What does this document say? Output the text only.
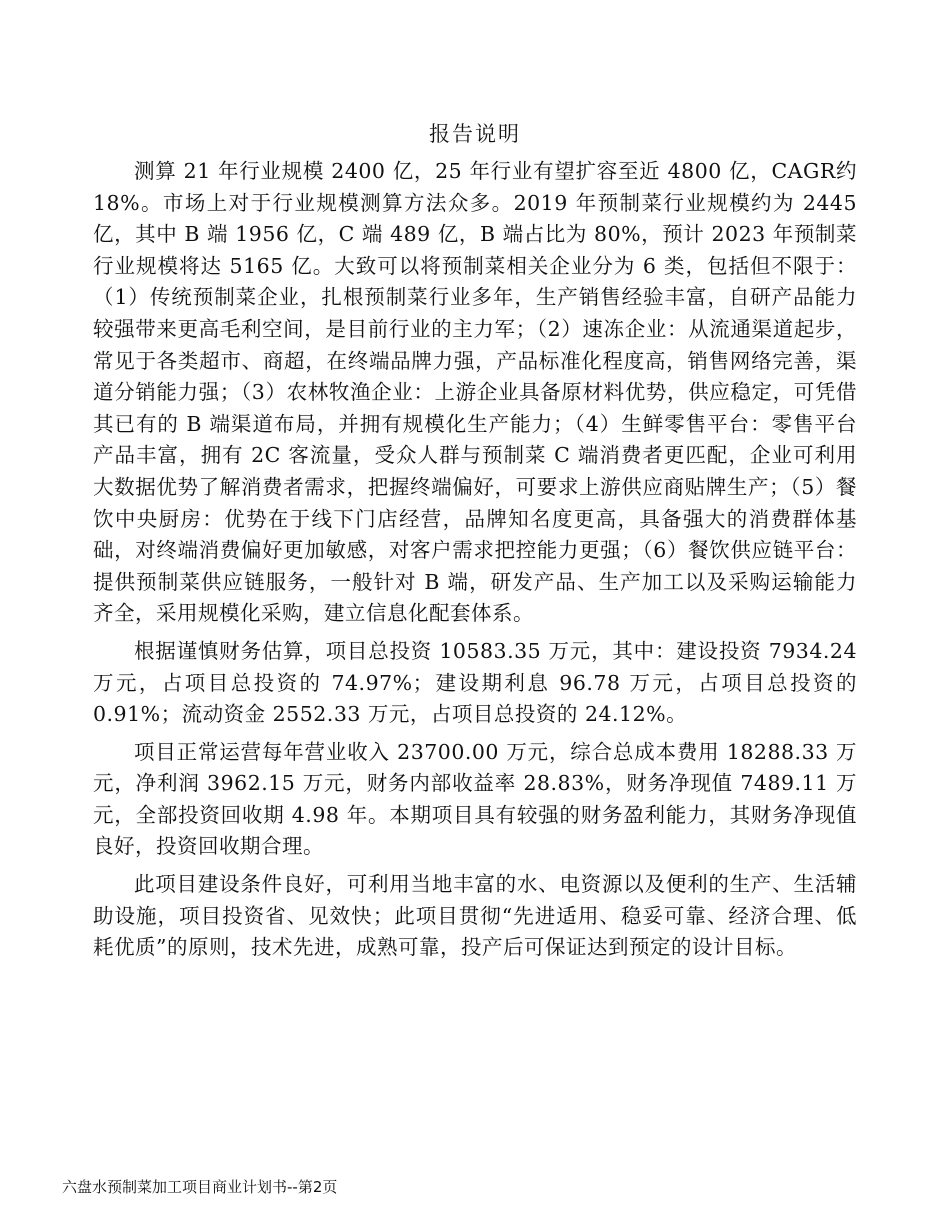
报告说明

测算 21 年行业规模 2400 亿，25 年行业有望扩容至近 4800 亿，CAGR约 18%。市场上对于行业规模测算方法众多。2019 年预制菜行业规模约为 2445 亿，其中 B 端 1956 亿，C 端 489 亿，B 端占比为 80%，预计 2023 年预制菜行业规模将达 5165 亿。大致可以将预制菜相关企业分为 6 类，包括但不限于：（1）传统预制菜企业，扎根预制菜行业多年，生产销售经验丰富，自研产品能力较强带来更高毛利空间，是目前行业的主力军；（2）速冻企业：从流通渠道起步，常见于各类超市、商超，在终端品牌力强，产品标准化程度高，销售网络完善，渠道分销能力强；（3）农林牧渔企业：上游企业具备原材料优势，供应稳定，可凭借其已有的 B 端渠道布局，并拥有规模化生产能力；（4）生鲜零售平台：零售平台产品丰富，拥有 2C 客流量，受众人群与预制菜 C 端消费者更匹配，企业可利用大数据优势了解消费者需求，把握终端偏好，可要求上游供应商贴牌生产；（5）餐饮中央厨房：优势在于线下门店经营，品牌知名度更高，具备强大的消费群体基础，对终端消费偏好更加敏感，对客户需求把控能力更强；（6）餐饮供应链平台：提供预制菜供应链服务，一般针对 B 端，研发产品、生产加工以及采购运输能力齐全，采用规模化采购，建立信息化配套体系。

根据谨慎财务估算，项目总投资 10583.35 万元，其中：建设投资 7934.24 万元，占项目总投资的 74.97%；建设期利息 96.78 万元，占项目总投资的 0.91%；流动资金 2552.33 万元，占项目总投资的 24.12%。

项目正常运营每年营业收入 23700.00 万元，综合总成本费用 18288.33 万元，净利润 3962.15 万元，财务内部收益率 28.83%，财务净现值 7489.11 万元，全部投资回收期 4.98 年。本期项目具有较强的财务盈利能力，其财务净现值良好，投资回收期合理。

此项目建设条件良好，可利用当地丰富的水、电资源以及便利的生产、生活辅助设施，项目投资省、见效快；此项目贯彻“先进适用、稳妥可靠、经济合理、低耗优质”的原则，技术先进，成熟可靠，投产后可保证达到预定的设计目标。

六盘水预制菜加工项目商业计划书--第2页
